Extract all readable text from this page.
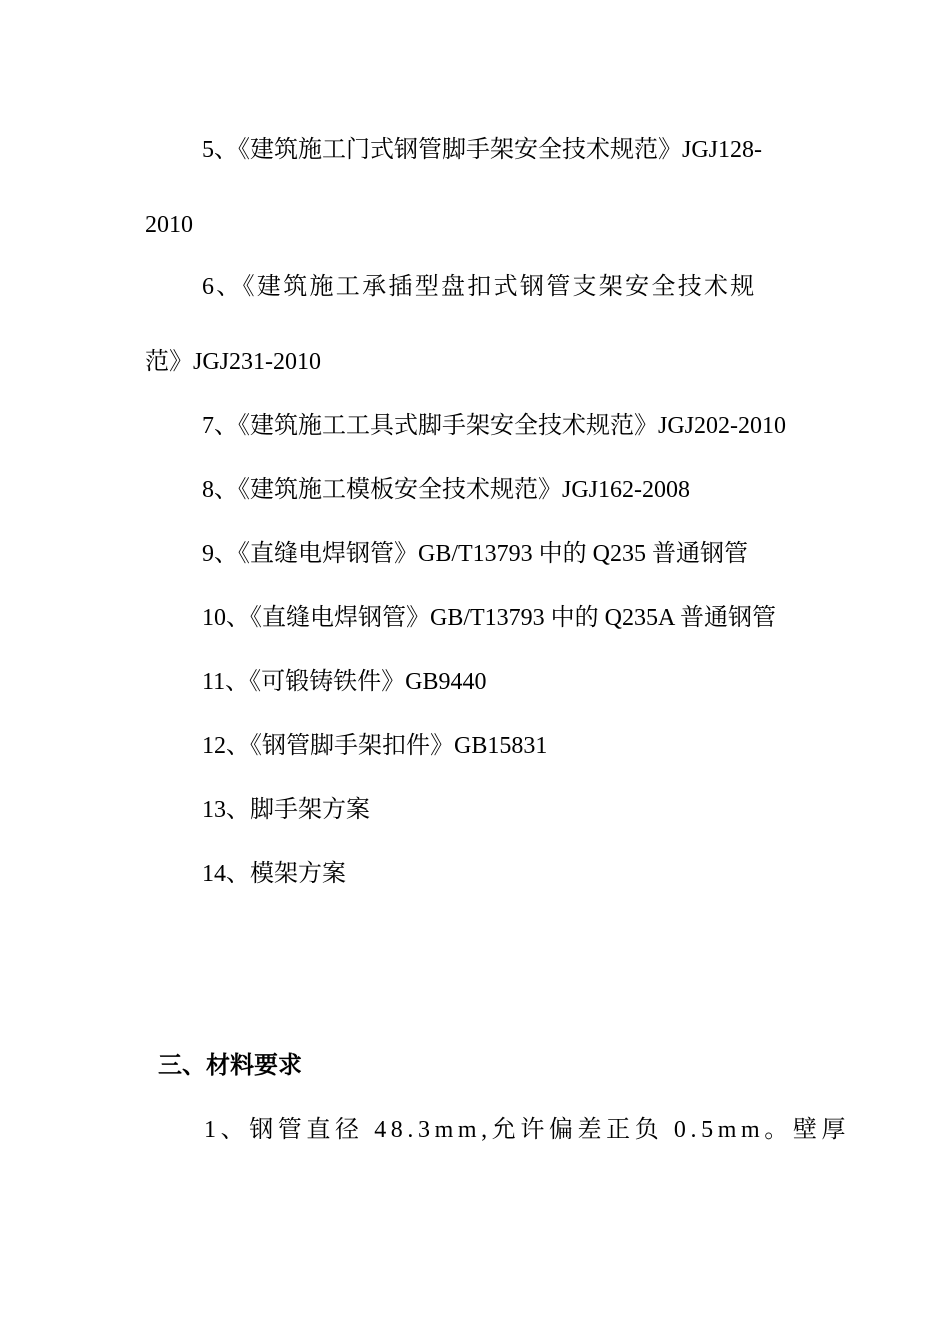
5、《建筑施工门式钢管脚手架安全技术规范》JGJ128-
2010
6、《建筑施工承插型盘扣式钢管支架安全技术规
范》JGJ231-2010
7、《建筑施工工具式脚手架安全技术规范》JGJ202-2010
8、《建筑施工模板安全技术规范》JGJ162-2008
9、《直缝电焊钢管》GB/T13793 中的 Q235 普通钢管
10、《直缝电焊钢管》GB/T13793 中的 Q235A 普通钢管
11、《可锻铸铁件》GB9440
12、《钢管脚手架扣件》GB15831
13、脚手架方案
14、模架方案
三、材料要求
1、钢管直径 48.3mm,允许偏差正负 0.5mm。壁厚
